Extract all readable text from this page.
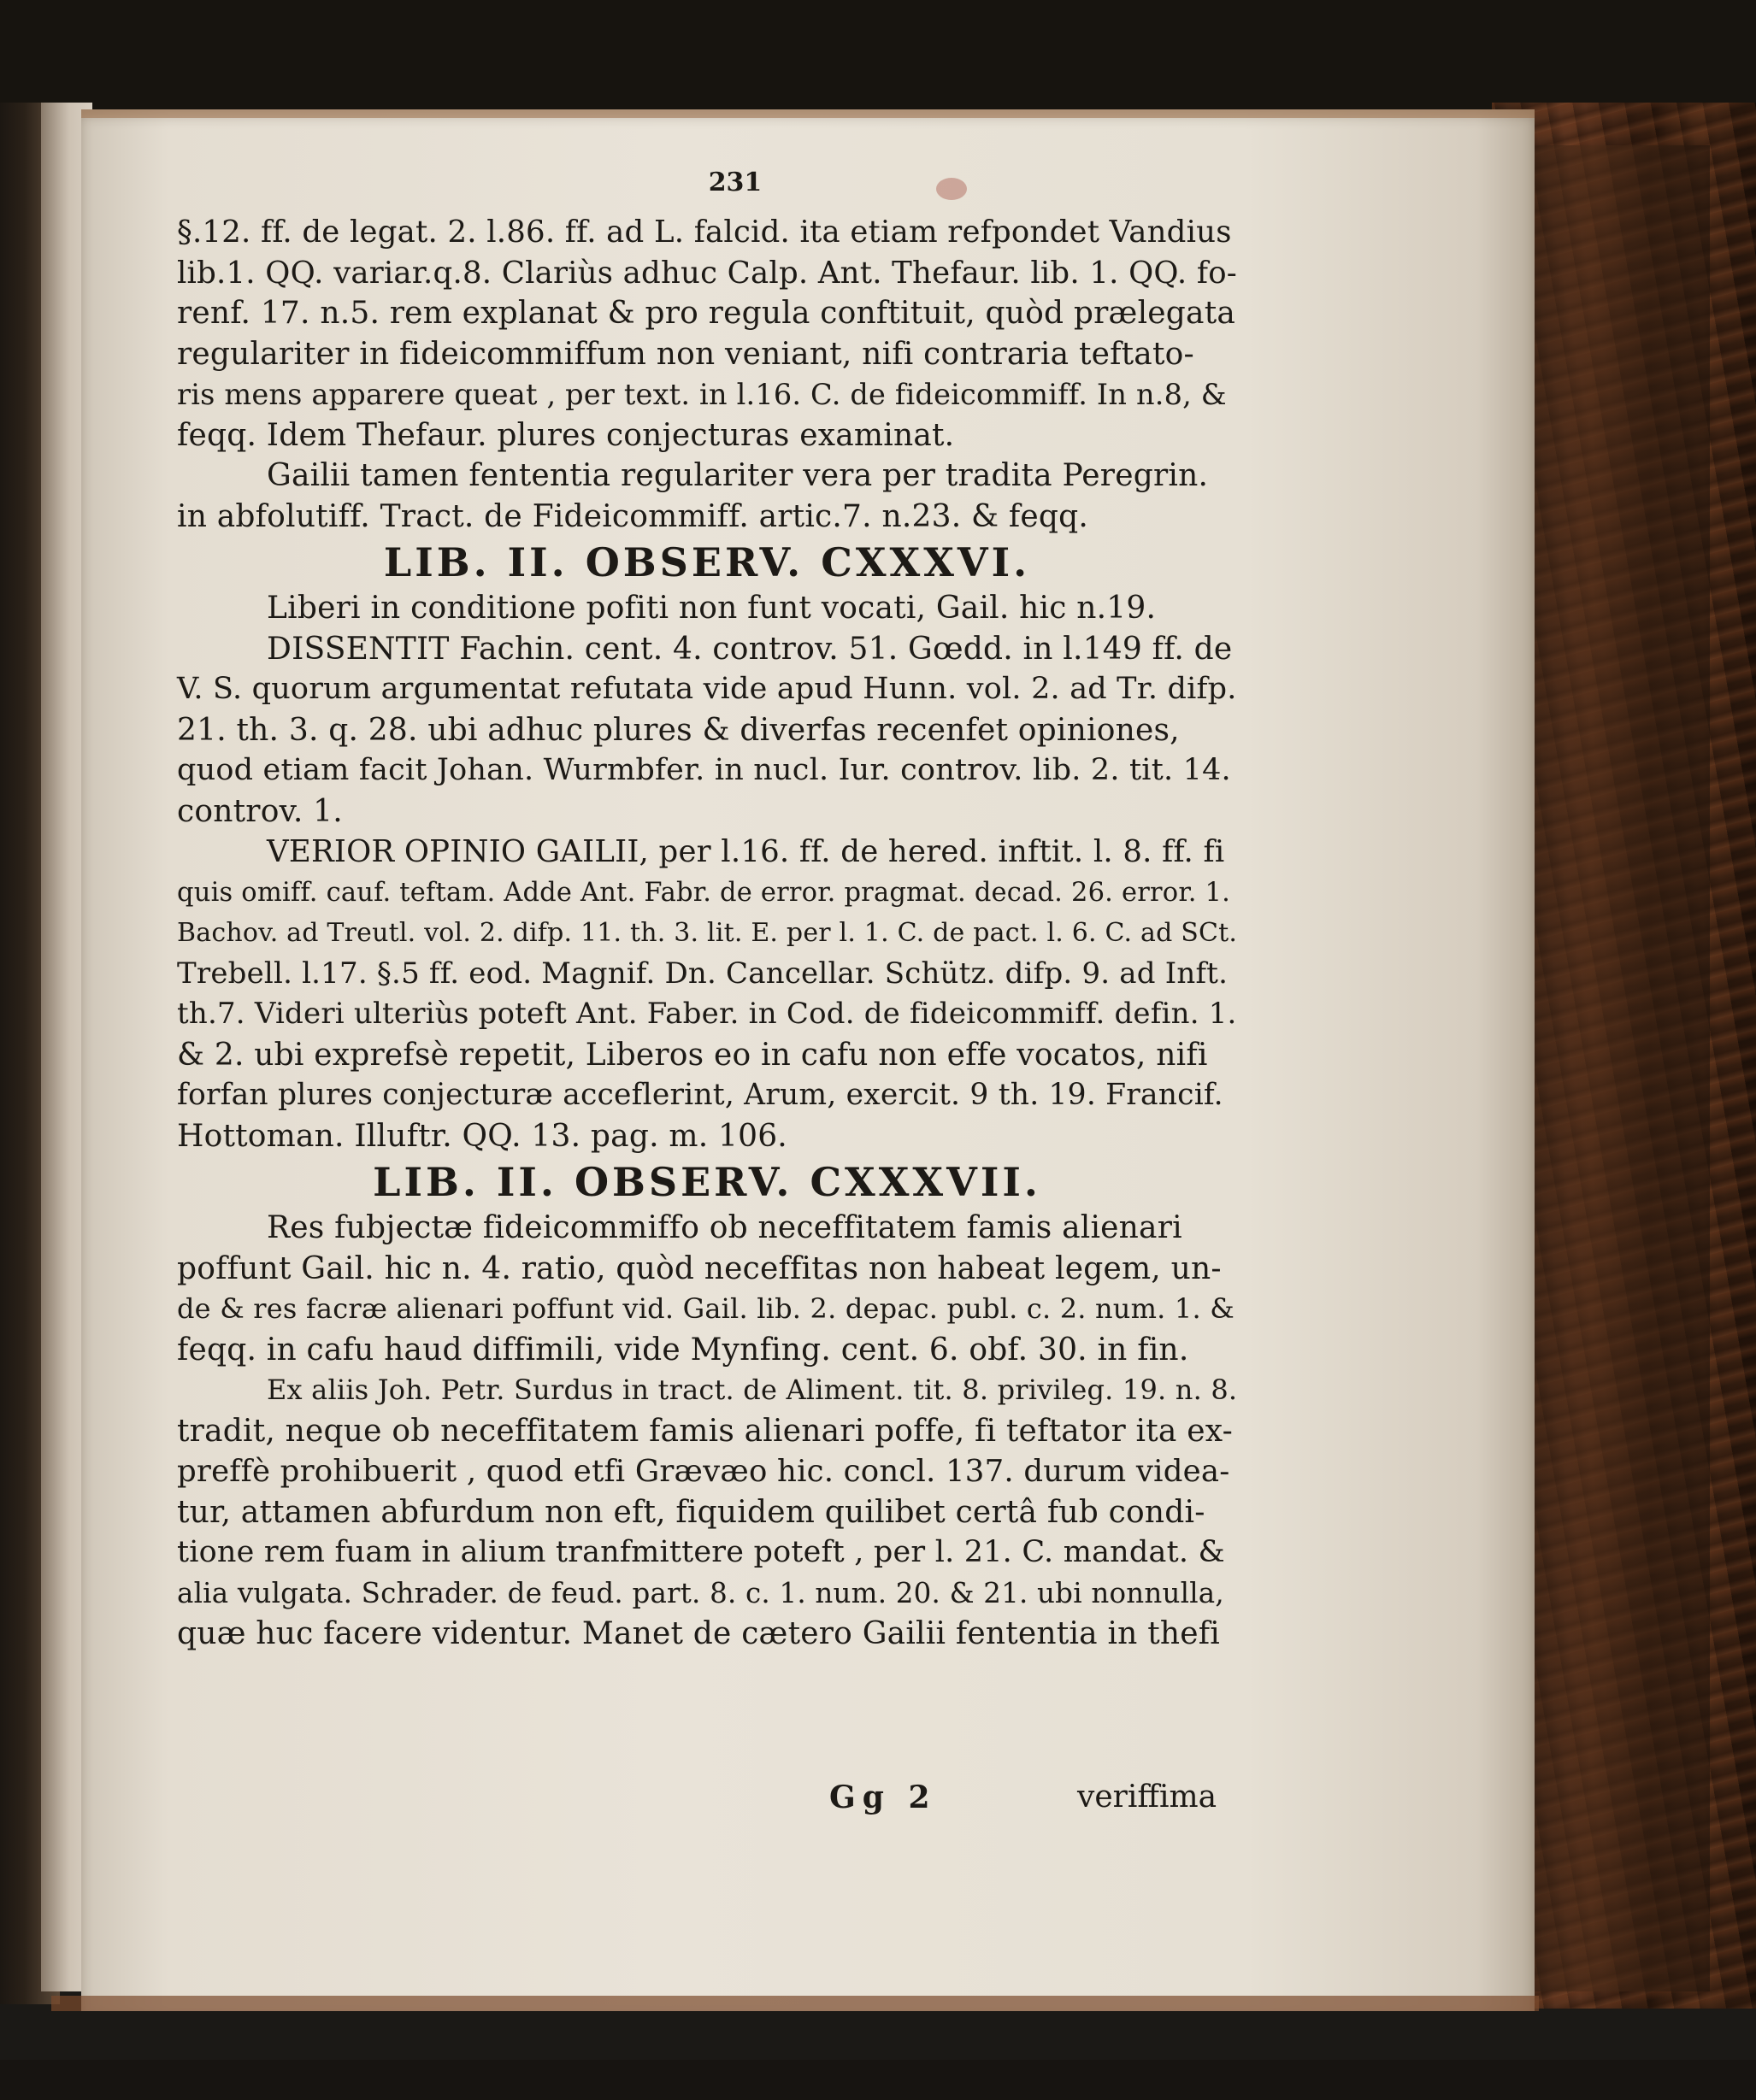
231
§.12. ff. de legat. 2. l.86. ff. ad L. falcid. ita etiam refpondet Vandius
lib.1. QQ. variar.q.8. Clariùs adhuc Calp. Ant. Thefaur. lib. 1. QQ. fo-
renf. 17. n.5. rem explanat & pro regula conftituit, quòd prælegata
regulariter in fideicommiffum non veniant, nifi contraria teftato-
ris mens apparere queat , per text. in l.16. C. de fideicommiff. In n.8, &
feqq. Idem Thefaur. plures conjecturas examinat.
Gailii tamen fententia regulariter vera per tradita Peregrin.
in abfolutiff. Tract. de Fideicommiff. artic.7. n.23. & feqq.
LIB. II. OBSERV. CXXXVI.
Liberi in conditione pofiti non funt vocati, Gail. hic n.19.
DISSENTIT Fachin. cent. 4. controv. 51. Gœdd. in l.149 ff. de
V. S. quorum argumentat refutata vide apud Hunn. vol. 2. ad Tr. difp.
21. th. 3. q. 28. ubi adhuc plures & diverfas recenfet opiniones,
quod etiam facit Johan. Wurmbfer. in nucl. Iur. controv. lib. 2. tit. 14.
controv. 1.
VERIOR OPINIO GAILII, per l.16. ff. de hered. inftit. l. 8. ff. fi
quis omiff. cauf. teftam. Adde Ant. Fabr. de error. pragmat. decad. 26. error. 1.
Bachov. ad Treutl. vol. 2. difp. 11. th. 3. lit. E. per l. 1. C. de pact. l. 6. C. ad SCt.
Trebell. l.17. §.5 ff. eod. Magnif. Dn. Cancellar. Schütz. difp. 9. ad Inft.
th.7. Videri ulteriùs poteft Ant. Faber. in Cod. de fideicommiff. defin. 1.
& 2. ubi exprefsè repetit, Liberos eo in cafu non effe vocatos, nifi
forfan plures conjecturæ acceflerint, Arum, exercit. 9 th. 19. Francif.
Hottoman. Illuftr. QQ. 13. pag. m. 106.
LIB. II. OBSERV. CXXXVII.
Res fubjectæ fideicommiffo ob neceffitatem famis alienari
poffunt Gail. hic n. 4. ratio, quòd neceffitas non habeat legem, un-
de & res facræ alienari poffunt vid. Gail. lib. 2. depac. publ. c. 2. num. 1. &
feqq. in cafu haud diffimili, vide Mynfing. cent. 6. obf. 30. in fin.
Ex aliis Joh. Petr. Surdus in tract. de Aliment. tit. 8. privileg. 19. n. 8.
tradit, neque ob neceffitatem famis alienari poffe, fi teftator ita ex-
preffè prohibuerit , quod etfi Grævæo hic. concl. 137. durum videa-
tur, attamen abfurdum non eft, fiquidem quilibet certâ fub condi-
tione rem fuam in alium tranfmittere poteft , per l. 21. C. mandat. &
alia vulgata. Schrader. de feud. part. 8. c. 1. num. 20. & 21. ubi nonnulla,
quæ huc facere videntur. Manet de cætero Gailii fententia in thefi
Gg 2	veriffima
